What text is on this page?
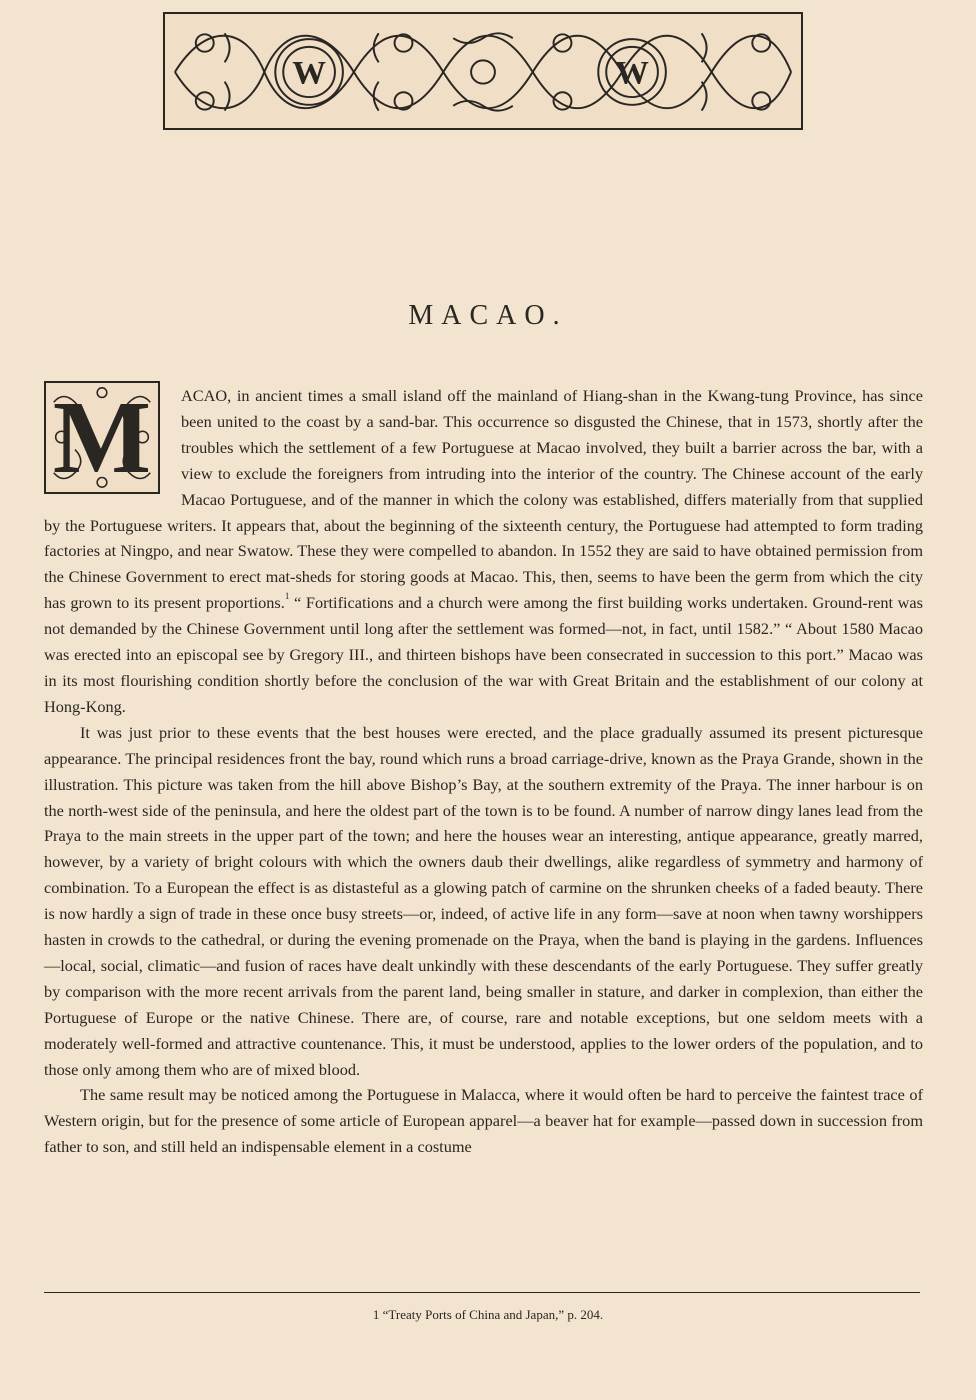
W	W
MACAO.
M	ACAO, in ancient times a small island off the mainland of Hiang-shan in the Kwang-tung Province, has since been united to the coast by a sand-bar. This occurrence so disgusted the Chinese, that in 1573, shortly after the troubles which the settlement of a few Portuguese at Macao involved, they built a barrier across the bar, with a view to exclude the foreigners from intruding into the interior of the country. The Chinese account of the early Macao Portuguese, and of the manner in which the colony was established, differs materially from that supplied by the Portuguese writers. It appears that, about the beginning of the sixteenth century, the Portuguese had attempted to form trading factories at Ningpo, and near Swatow. These they were compelled to abandon. In 1552 they are said to have obtained permission from the Chinese Government to erect mat-sheds for storing goods at Macao. This, then, seems to have been the germ from which the city has grown to its present proportions.$^1$ “ Fortifications and a church were among the first building works undertaken. Ground-rent was not demanded by the Chinese Government until long after the settlement was formed—not, in fact, until 1582.” “ About 1580 Macao was erected into an episcopal see by Gregory III., and thirteen bishops have been consecrated in succession to this port.” Macao was in its most flourishing condition shortly before the conclusion of the war with Great Britain and the establishment of our colony at Hong-Kong.

It was just prior to these events that the best houses were erected, and the place gradually assumed its present picturesque appearance. The principal residences front the bay, round which runs a broad carriage-drive, known as the Praya Grande, shown in the illustration. This picture was taken from the hill above Bishop’s Bay, at the southern extremity of the Praya. The inner harbour is on the north-west side of the peninsula, and here the oldest part of the town is to be found. A number of narrow dingy lanes lead from the Praya to the main streets in the upper part of the town; and here the houses wear an interesting, antique appearance, greatly marred, however, by a variety of bright colours with which the owners daub their dwellings, alike regardless of symmetry and harmony of combination. To a European the effect is as distasteful as a glowing patch of carmine on the shrunken cheeks of a faded beauty. There is now hardly a sign of trade in these once busy streets—or, indeed, of active life in any form—save at noon when tawny worshippers hasten in crowds to the cathedral, or during the evening promenade on the Praya, when the band is playing in the gardens. Influences—local, social, climatic—and fusion of races have dealt unkindly with these descendants of the early Portuguese. They suffer greatly by comparison with the more recent arrivals from the parent land, being smaller in stature, and darker in complexion, than either the Portuguese of Europe or the native Chinese. There are, of course, rare and notable exceptions, but one seldom meets with a moderately well-formed and attractive countenance. This, it must be understood, applies to the lower orders of the population, and to those only among them who are of mixed blood.

The same result may be noticed among the Portuguese in Malacca, where it would often be hard to perceive the faintest trace of Western origin, but for the presence of some article of European apparel—a beaver hat for example—passed down in succession from father to son, and still held an indispensable element in a costume

1 “Treaty Ports of China and Japan,” p. 204.
